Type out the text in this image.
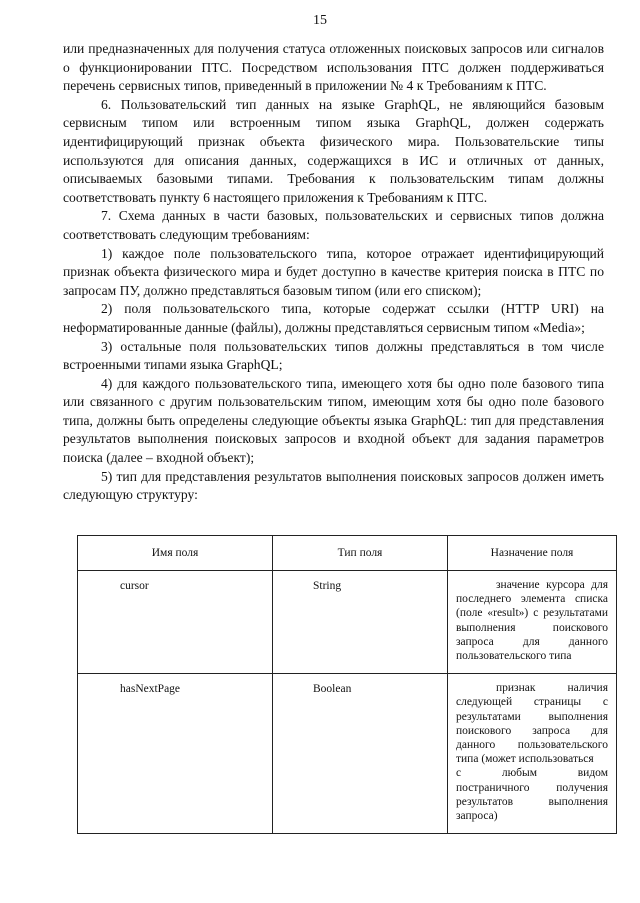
15

или предназначенных для получения статуса отложенных поисковых запросов или сигналов о функционировании ПТС. Посредством использования ПТС должен поддерживаться перечень сервисных типов, приведенный в приложении № 4 к Требованиям к ПТС.

6. Пользовательский тип данных на языке GraphQL, не являющийся базовым сервисным типом или встроенным типом языка GraphQL, должен содержать идентифицирующий признак объекта физического мира. Пользовательские типы используются для описания данных, содержащихся в ИС и отличных от данных, описываемых базовыми типами. Требования к пользовательским типам должны соответствовать пункту 6 настоящего приложения к Требованиям к ПТС.

7. Схема данных в части базовых, пользовательских и сервисных типов должна соответствовать следующим требованиям:

1) каждое поле пользовательского типа, которое отражает идентифицирующий признак объекта физического мира и будет доступно в качестве критерия поиска в ПТС по запросам ПУ, должно представляться базовым типом (или его списком);

2) поля пользовательского типа, которые содержат ссылки (HTTP URI) на неформатированные данные (файлы), должны представляться сервисным типом «Media»;

3) остальные поля пользовательских типов должны представляться в том числе встроенными типами языка GraphQL;

4) для каждого пользовательского типа, имеющего хотя бы одно поле базового типа или связанного с другим пользовательским типом, имеющим хотя бы одно поле базового типа, должны быть определены следующие объекты языка GraphQL: тип для представления результатов выполнения поисковых запросов и входной объект для задания параметров поиска (далее – входной объект);

5) тип для представления результатов выполнения поисковых запросов должен иметь следующую структуру:

Имя поля	Тип поля	Назначение поля
cursor	String	значение курсора для последнего элемента списка (поле «result») с результатами выполнения поискового запроса для данного пользовательского типа

hasNextPage	Boolean	признак наличия следующей страницы с результатами выполнения поискового запроса для данного пользовательского типа (может использоваться
с любым видом постраничного получения результатов выполнения запроса)
